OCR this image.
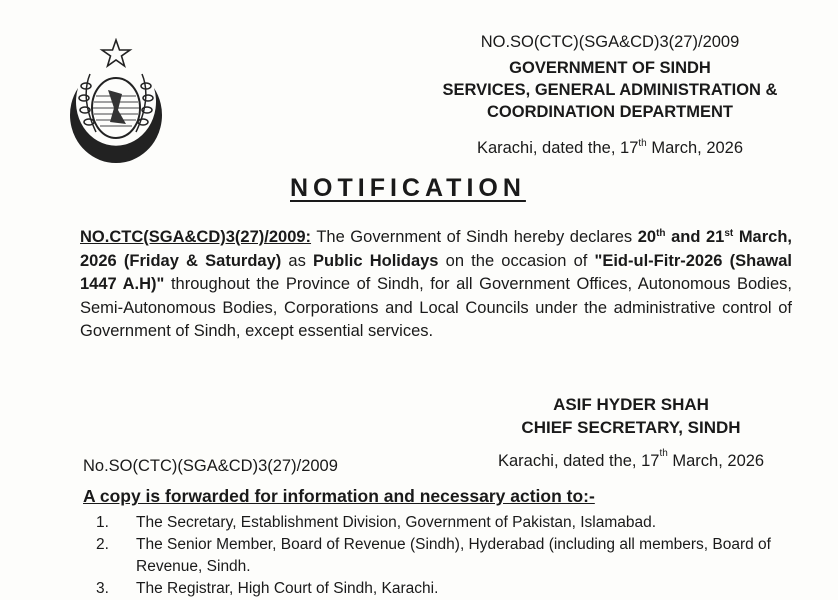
NO.SO(CTC)(SGA&CD)3(27)/2009
GOVERNMENT OF SINDH
SERVICES, GENERAL ADMINISTRATION &
COORDINATION DEPARTMENT
Karachi, dated the, 17th March, 2026
NOTIFICATION
NO.CTC(SGA&CD)3(27)/2009: The Government of Sindh hereby declares 20th and 21st March, 2026 (Friday & Saturday) as Public Holidays on the occasion of "Eid-ul-Fitr-2026 (Shawal 1447 A.H)" throughout the Province of Sindh, for all Government Offices, Autonomous Bodies, Semi-Autonomous Bodies, Corporations and Local Councils under the administrative control of Government of Sindh, except essential services.
ASIF HYDER SHAH
CHIEF SECRETARY, SINDH
No.SO(CTC)(SGA&CD)3(27)/2009	Karachi, dated the, 17th March, 2026
A copy is forwarded for information and necessary action to:-
1.	The Secretary, Establishment Division, Government of Pakistan, Islamabad.
2.	The Senior Member, Board of Revenue (Sindh), Hyderabad (including all members, Board of Revenue, Sindh.
3.	The Registrar, High Court of Sindh, Karachi.
